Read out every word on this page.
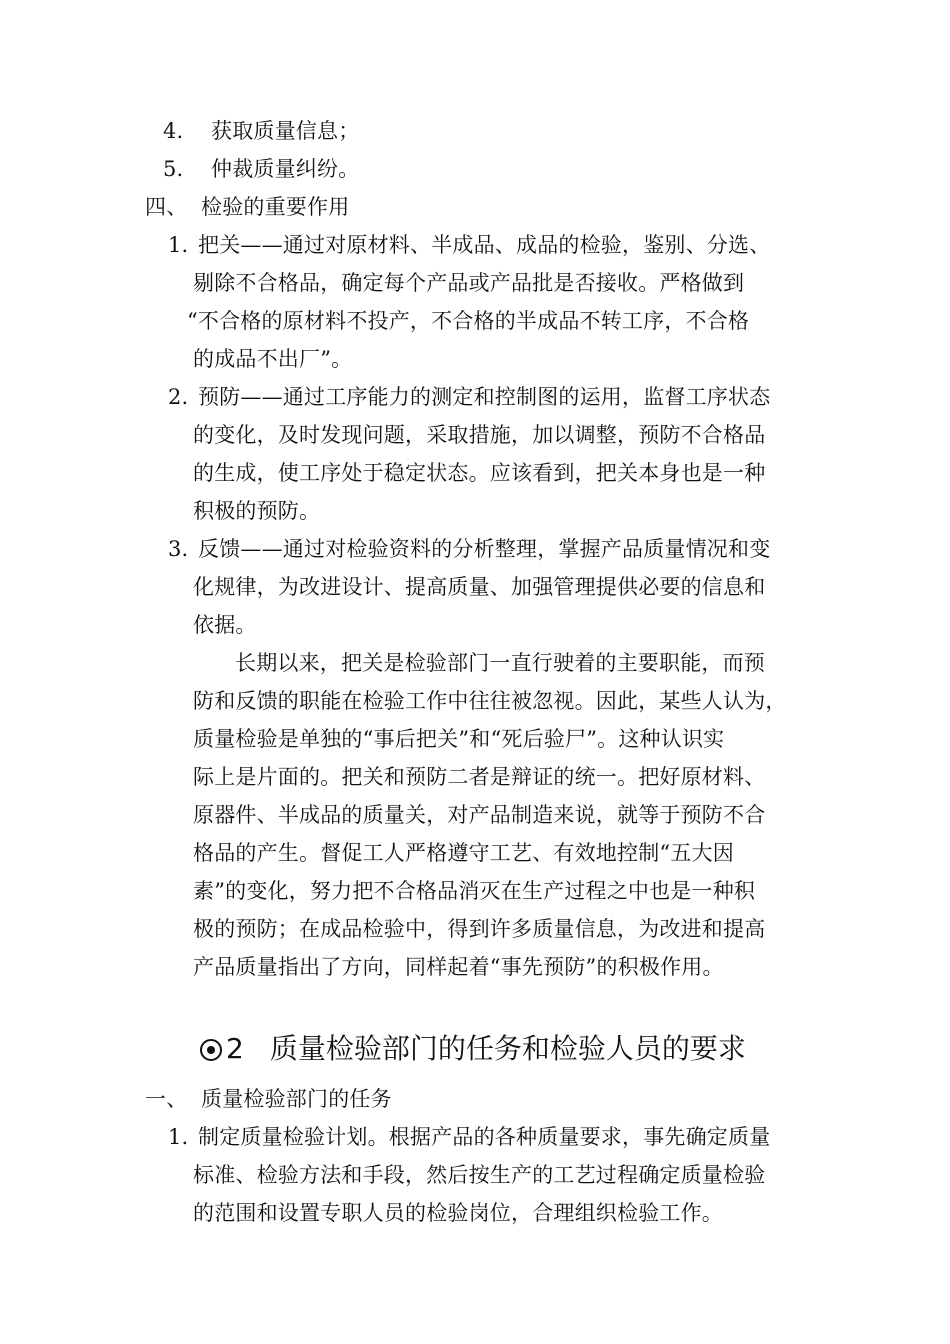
4. 获取质量信息；
5. 仲裁质量纠纷。
四、 检验的重要作用
1. 把关——通过对原材料、半成品、成品的检验，鉴别、分选、
剔除不合格品，确定每个产品或产品批是否接收。严格做到
“不合格的原材料不投产，不合格的半成品不转工序，不合格
的成品不出厂”。
2. 预防——通过工序能力的测定和控制图的运用，监督工序状态
的变化，及时发现问题，采取措施，加以调整，预防不合格品
的生成，使工序处于稳定状态。应该看到，把关本身也是一种
积极的预防。
3. 反馈——通过对检验资料的分析整理，掌握产品质量情况和变
化规律，为改进设计、提高质量、加强管理提供必要的信息和
依据。
长期以来，把关是检验部门一直行驶着的主要职能，而预
防和反馈的职能在检验工作中往往被忽视。因此，某些人认为，
质量检验是单独的“事后把关”和“死后验尸”。这种认识实
际上是片面的。把关和预防二者是辩证的统一。把好原材料、
原器件、半成品的质量关，对产品制造来说，就等于预防不合
格品的产生。督促工人严格遵守工艺、有效地控制“五大因
素”的变化，努力把不合格品消灭在生产过程之中也是一种积
极的预防；在成品检验中，得到许多质量信息，为改进和提高
产品质量指出了方向，同样起着“事先预防”的积极作用。
2 质量检验部门的任务和检验人员的要求
一、 质量检验部门的任务
1. 制定质量检验计划。根据产品的各种质量要求，事先确定质量
标准、检验方法和手段，然后按生产的工艺过程确定质量检验
的范围和设置专职人员的检验岗位，合理组织检验工作。
